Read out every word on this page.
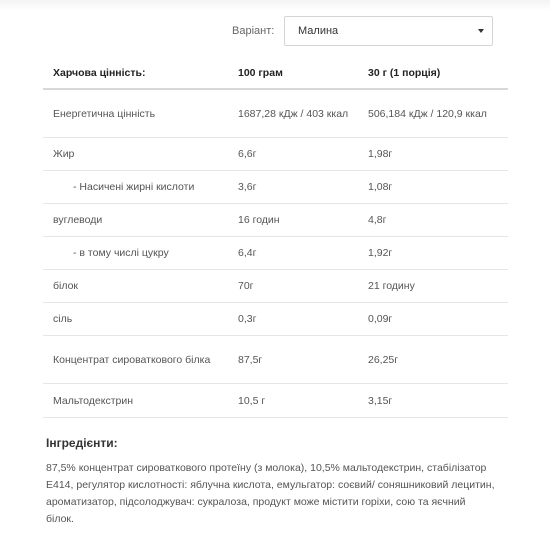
Варіант: Малина
Харчова цінність:	100 грам	30 г (1 порція)
Енергетична цінність	1687,28 кДж / 403 ккал	506,184 кДж / 120,9 ккал
Жир	6,6г	1,98г
- Насичені жирні кислоти	3,6г	1,08г
вуглеводи	16 годин	4,8г
- в тому числі цукру	6,4г	1,92г
білок	70г	21 годину
сіль	0,3г	0,09г
Концентрат сироваткового білка	87,5г	26,25г
Мальтодекстрин	10,5 г	3,15г
Інгредієнти:
87,5% концентрат сироваткового протеїну (з молока), 10,5% мальтодекстрин, стабілізатор Е414, регулятор кислотності: яблучна кислота, емульгатор: соєвий/ соняшниковий лецитин, ароматизатор, підсолоджувач: сукралоза, продукт може містити горіхи, сою та яєчний білок.
